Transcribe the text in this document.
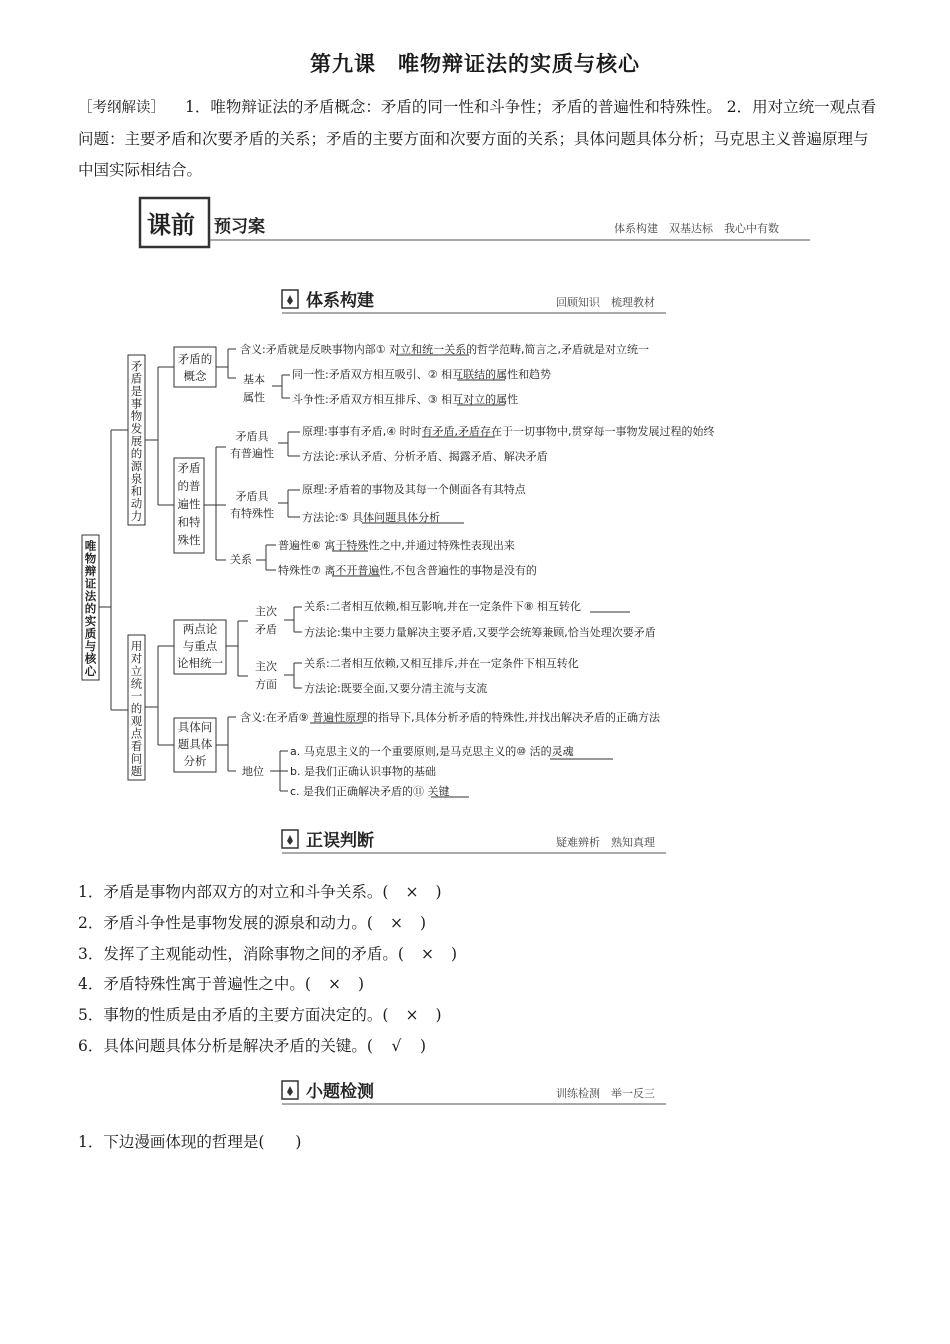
第九课　唯物辩证法的实质与核心
［考纲解读］ 1．唯物辩证法的矛盾概念：矛盾的同一性和斗争性；矛盾的普遍性和特殊性。 2．用对立统一观点看问题：主要矛盾和次要矛盾的关系；矛盾的主要方面和次要方面的关系；具体问题具体分析；马克思主义普遍原理与中国实际相结合。
课前 预习案	体系构建　双基达标　我心中有数
体系构建	回顾知识　梳理教材
唯
物
辩
证
法
的
实
质
与
核
心
矛
盾
是
事
物
发
展
的
源
泉
和
动
力
用
对
立
统
一
的
观
点
看
问
题
矛盾的
概念
含义:矛盾就是反映事物内部① 对立和统一关系的哲学范畴,简言之,矛盾就是对立统一
基本
属性
同一性:矛盾双方相互吸引、② 相互联结的属性和趋势
斗争性:矛盾双方相互排斥、③ 相互对立的属性
矛盾
的普
遍性
和特
殊性
矛盾具
有普遍性
原理:事事有矛盾,④ 时时有矛盾,矛盾存在于一切事物中,贯穿每一事物发展过程的始终
方法论:承认矛盾、分析矛盾、揭露矛盾、解决矛盾
矛盾具
有特殊性
原理:矛盾着的事物及其每一个侧面各有其特点
方法论:⑤ 具体问题具体分析
关系
普遍性⑥ 寓于特殊性之中,并通过特殊性表现出来
特殊性⑦ 离不开普遍性,不包含普遍性的事物是没有的
两点论
与重点
论相统一
主次
矛盾
关系:二者相互依赖,相互影响,并在一定条件下⑧ 相互转化
方法论:集中主要力量解决主要矛盾,又要学会统筹兼顾,恰当处理次要矛盾
主次
方面
关系:二者相互依赖,又相互排斥,并在一定条件下相互转化
方法论:既要全面,又要分清主流与支流
具体问
题具体
分析
含义:在矛盾⑨ 普遍性原理的指导下,具体分析矛盾的特殊性,并找出解决矛盾的正确方法
地位
a. 马克思主义的一个重要原则,是马克思主义的⑩ 活的灵魂
b. 是我们正确认识事物的基础
c. 是我们正确解决矛盾的⑪ 关键
正误判断	疑难辨析　熟知真理
小题检测	训练检测　举一反三
1．矛盾是事物内部双方的对立和斗争关系。(　 ×　)
2．矛盾斗争性是事物发展的源泉和动力。(　 ×　)
3．发挥了主观能动性，消除事物之间的矛盾。(　 ×　)
4．矛盾特殊性寓于普遍性之中。(　 ×　)
5．事物的性质是由矛盾的主要方面决定的。(　 ×　)
6．具体问题具体分析是解决矛盾的关键。(　 √　)
1．下边漫画体现的哲理是(　　)
